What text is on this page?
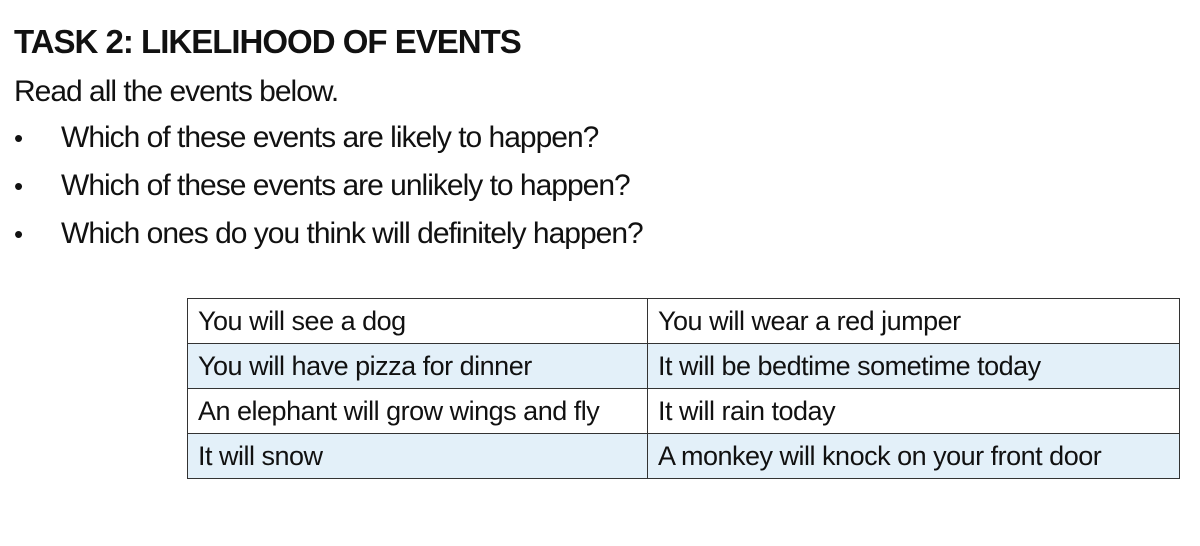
TASK 2: LIKELIHOOD OF EVENTS

Read all the events below.

•	Which of these events are likely to happen?
•	Which of these events are unlikely to happen?
•	Which ones do you think will definitely happen?
You will see a dog	You will wear a red jumper
You will have pizza for dinner	It will be bedtime sometime today
An elephant will grow wings and fly	It will rain today
It will snow	A monkey will knock on your front door
